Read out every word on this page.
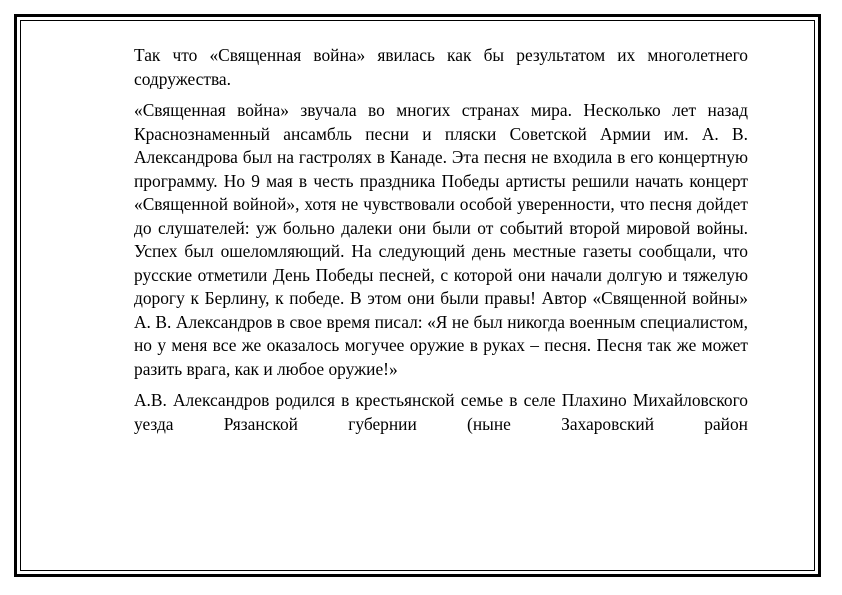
Так что «Священная война» явилась как бы результатом их многолетнего содружества.

«Священная война» звучала во многих странах мира. Несколько лет назад Краснознаменный ансамбль песни и пляски Советской Армии им. А. В. Александрова был на гастролях в Канаде. Эта песня не входила в его концертную программу. Но 9 мая в честь праздника Победы артисты решили начать концерт «Священной войной», хотя не чувствовали особой уверенности, что песня дойдет до слушателей: уж больно далеки они были от событий второй мировой войны. Успех был ошеломляющий. На следующий день местные газеты сообщали, что русские отметили День Победы песней, с которой они начали долгую и тяжелую дорогу к Берлину, к победе. В этом они были правы! Автор «Священной войны» А. В. Александров в свое время писал: «Я не был никогда военным специалистом, но у меня все же оказалось могучее оружие в руках – песня. Песня так же может разить врага, как и любое оружие!»

А.В. Александров родился в крестьянской семье в селе Плахино Михайловского уезда Рязанской губернии (ныне Захаровский район
